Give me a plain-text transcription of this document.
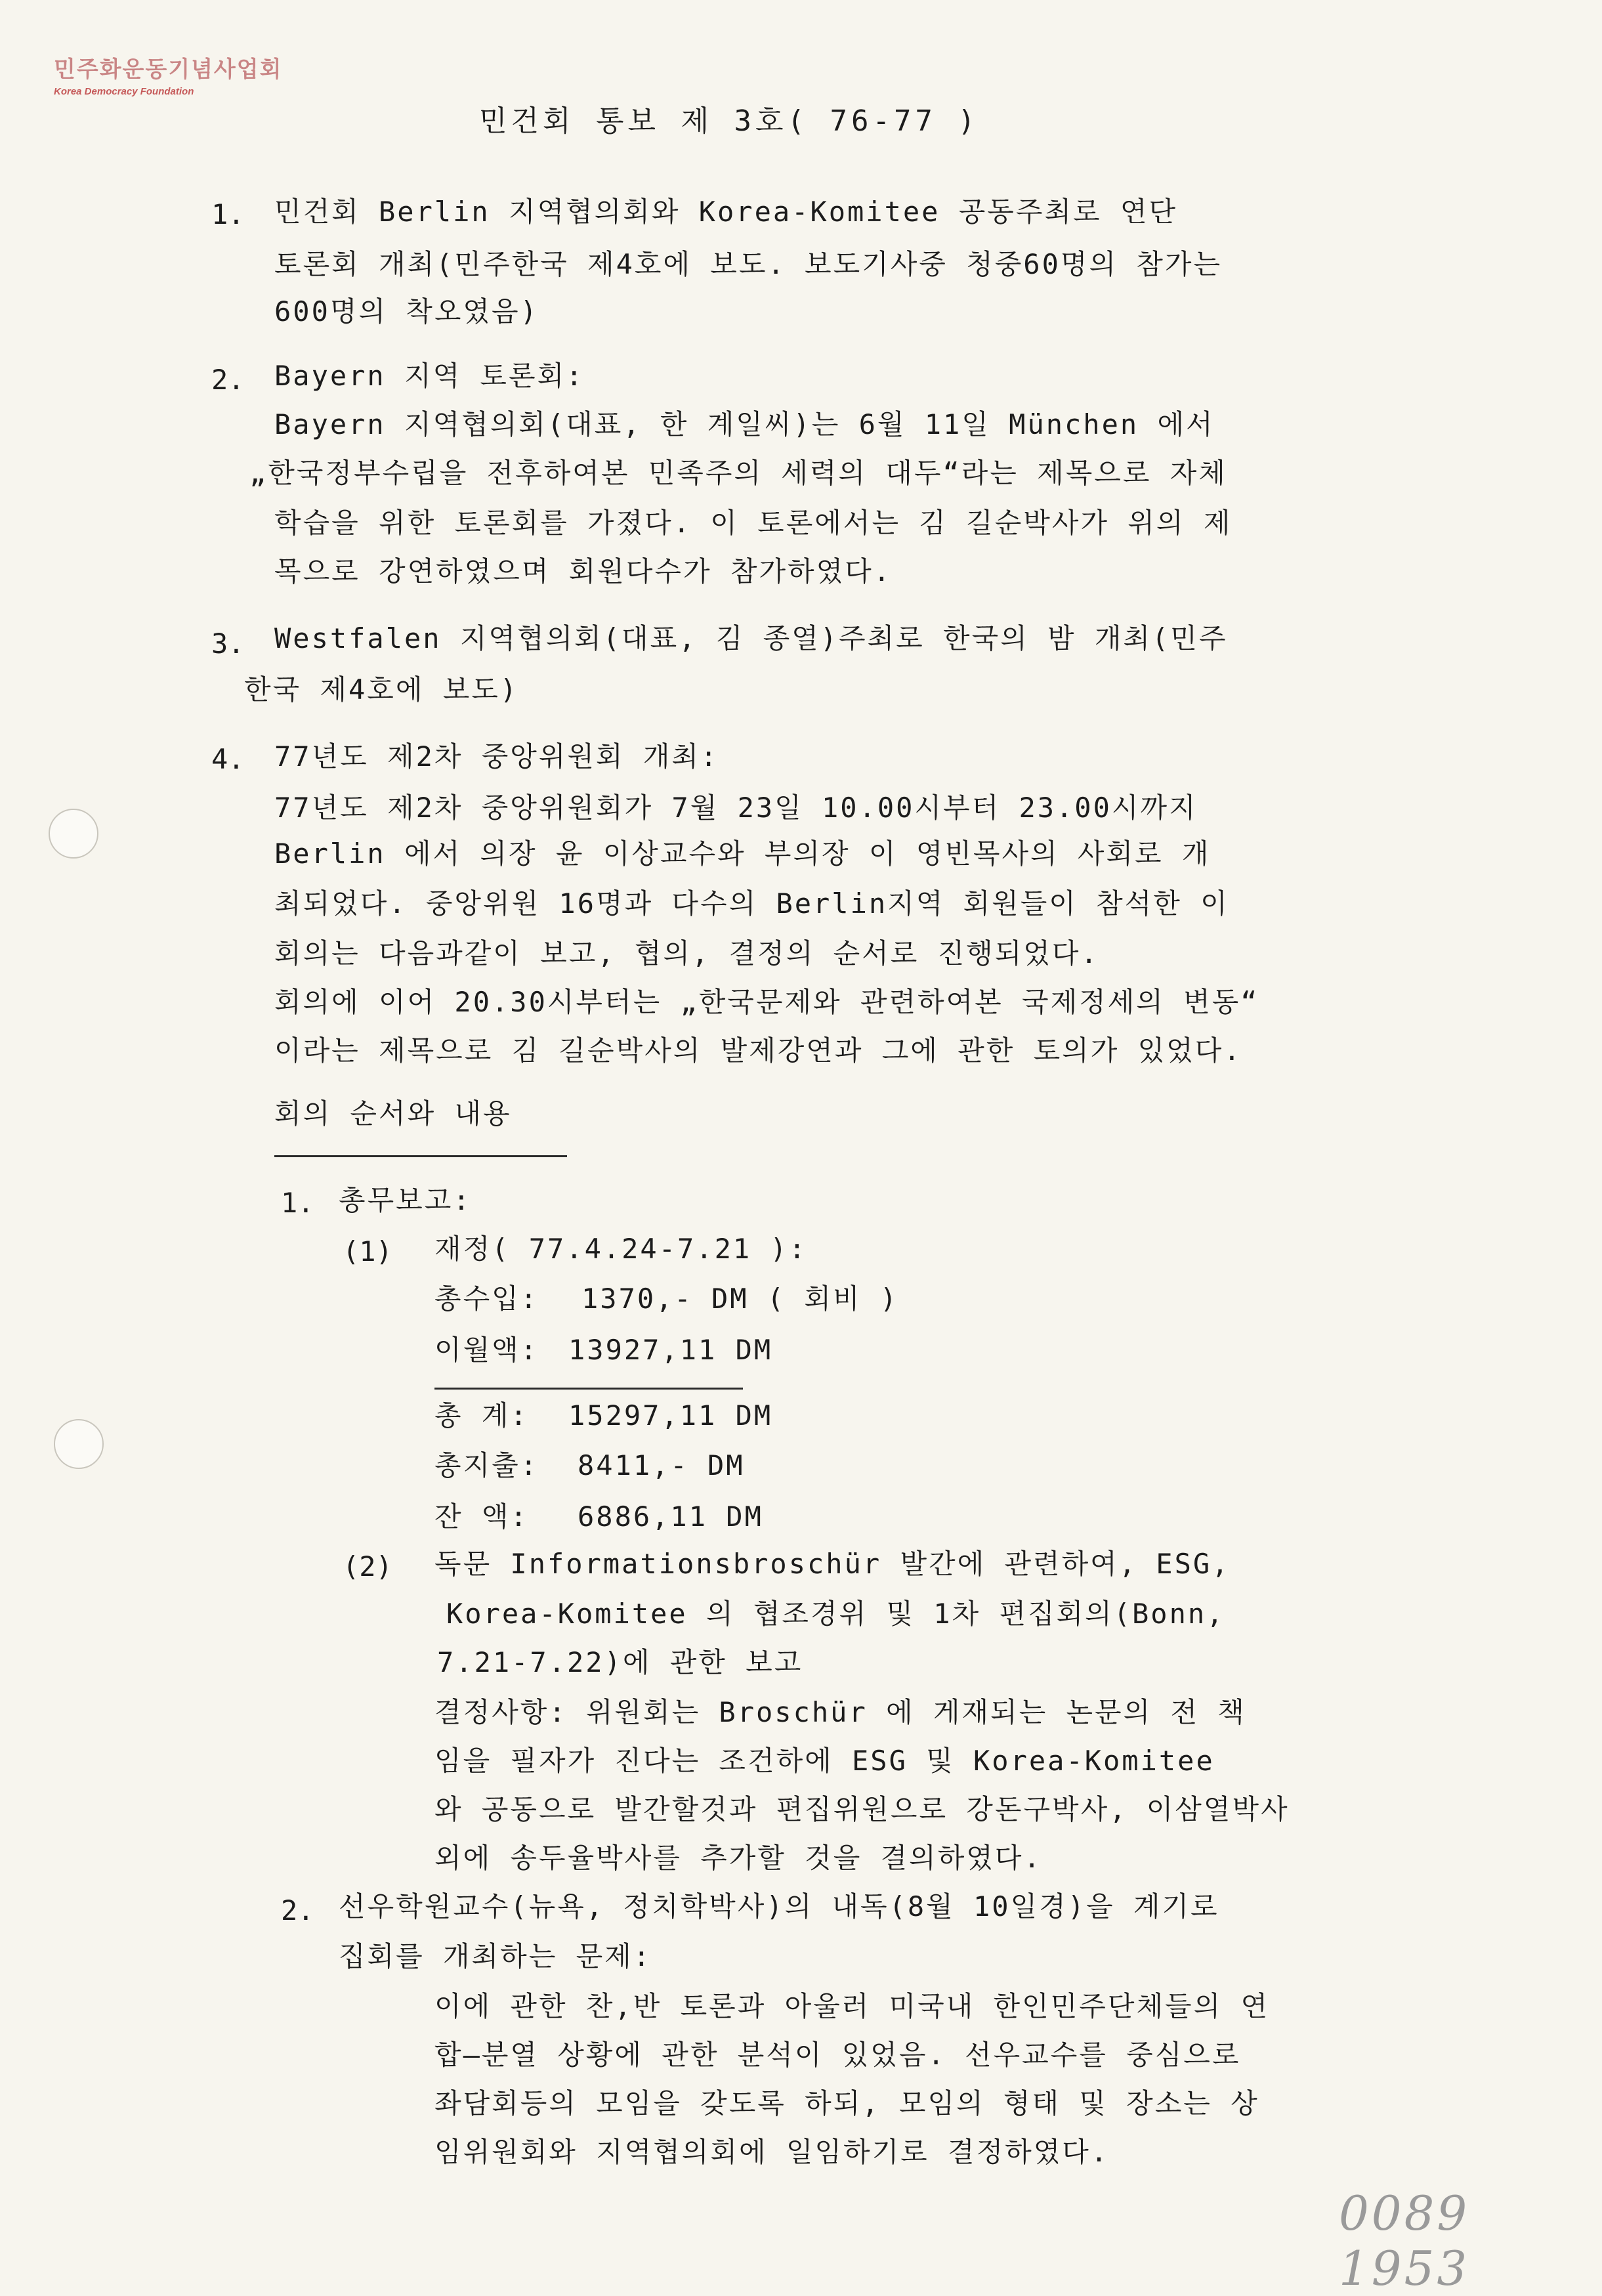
민주화운동기념사업회
Korea Democracy Foundation
민건회 통보 제 3호( 76-77 )
1. 민건회 Berlin 지역협의회와 Korea-Komitee 공동주최로 연단
토론회 개최(민주한국 제4호에 보도. 보도기사중 청중60명의 참가는
600명의 착오였음)
2. Bayern 지역 토론회:
Bayern 지역협의회(대표, 한 계일씨)는 6월 11일 München 에서
„한국정부수립을 전후하여본 민족주의 세력의 대두“라는 제목으로 자체
학습을 위한 토론회를 가졌다. 이 토론에서는 김 길순박사가 위의 제
목으로 강연하였으며 회원다수가 참가하였다.
3. Westfalen 지역협의회(대표, 김 종열)주최로 한국의 밤 개최(민주
한국 제4호에 보도)
4. 77년도 제2차 중앙위원회 개최:
77년도 제2차 중앙위원회가 7월 23일 10.00시부터 23.00시까지
Berlin 에서 의장 윤 이상교수와 부의장 이 영빈목사의 사회로 개
최되었다. 중앙위원 16명과 다수의 Berlin지역 회원들이 참석한 이
회의는 다음과같이 보고, 협의, 결정의 순서로 진행되었다.
회의에 이어 20.30시부터는 „한국문제와 관련하여본 국제정세의 변동“
이라는 제목으로 김 길순박사의 발제강연과 그에 관한 토의가 있었다.
회의 순서와 내용
1. 총무보고:
(1) 재정( 77.4.24-7.21 ):
총수입: 1370,- DM ( 회비 )
이월액: 13927,11 DM
총 계: 15297,11 DM
총지출: 8411,- DM
잔 액: 6886,11 DM
(2) 독문 Informationsbroschür 발간에 관련하여, ESG,
Korea-Komitee 의 협조경위 및 1차 편집회의(Bonn,
7.21-7.22)에 관한 보고
결정사항: 위원회는 Broschür 에 게재되는 논문의 전 책
임을 필자가 진다는 조건하에 ESG 및 Korea-Komitee
와 공동으로 발간할것과 편집위원으로 강돈구박사, 이삼열박사
외에 송두율박사를 추가할 것을 결의하였다.
2. 선우학원교수(뉴욕, 정치학박사)의 내독(8월 10일경)을 계기로
집회를 개최하는 문제:
이에 관한 찬,반 토론과 아울러 미국내 한인민주단체들의 연
합—분열 상황에 관한 분석이 있었음. 선우교수를 중심으로
좌담회등의 모임을 갖도록 하되, 모임의 형태 및 장소는 상
임위원회와 지역협의회에 일임하기로 결정하였다.
0089 1953
